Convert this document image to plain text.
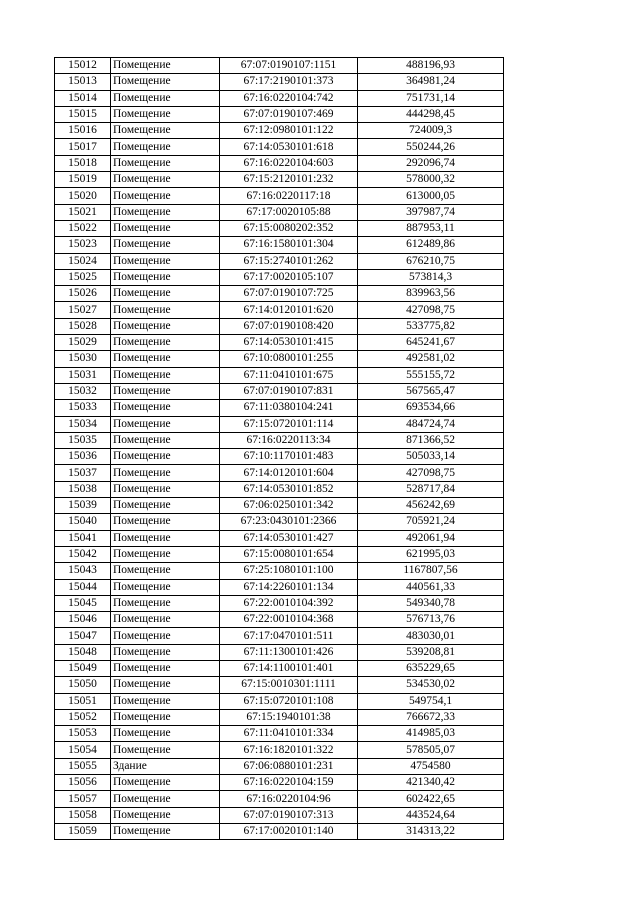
15012	Помещение	67:07:0190107:1151	488196,93
15013	Помещение	67:17:2190101:373	364981,24
15014	Помещение	67:16:0220104:742	751731,14
15015	Помещение	67:07:0190107:469	444298,45
15016	Помещение	67:12:0980101:122	724009,3
15017	Помещение	67:14:0530101:618	550244,26
15018	Помещение	67:16:0220104:603	292096,74
15019	Помещение	67:15:2120101:232	578000,32
15020	Помещение	67:16:0220117:18	613000,05
15021	Помещение	67:17:0020105:88	397987,74
15022	Помещение	67:15:0080202:352	887953,11
15023	Помещение	67:16:1580101:304	612489,86
15024	Помещение	67:15:2740101:262	676210,75
15025	Помещение	67:17:0020105:107	573814,3
15026	Помещение	67:07:0190107:725	839963,56
15027	Помещение	67:14:0120101:620	427098,75
15028	Помещение	67:07:0190108:420	533775,82
15029	Помещение	67:14:0530101:415	645241,67
15030	Помещение	67:10:0800101:255	492581,02
15031	Помещение	67:11:0410101:675	555155,72
15032	Помещение	67:07:0190107:831	567565,47
15033	Помещение	67:11:0380104:241	693534,66
15034	Помещение	67:15:0720101:114	484724,74
15035	Помещение	67:16:0220113:34	871366,52
15036	Помещение	67:10:1170101:483	505033,14
15037	Помещение	67:14:0120101:604	427098,75
15038	Помещение	67:14:0530101:852	528717,84
15039	Помещение	67:06:0250101:342	456242,69
15040	Помещение	67:23:0430101:2366	705921,24
15041	Помещение	67:14:0530101:427	492061,94
15042	Помещение	67:15:0080101:654	621995,03
15043	Помещение	67:25:1080101:100	1167807,56
15044	Помещение	67:14:2260101:134	440561,33
15045	Помещение	67:22:0010104:392	549340,78
15046	Помещение	67:22:0010104:368	576713,76
15047	Помещение	67:17:0470101:511	483030,01
15048	Помещение	67:11:1300101:426	539208,81
15049	Помещение	67:14:1100101:401	635229,65
15050	Помещение	67:15:0010301:1111	534530,02
15051	Помещение	67:15:0720101:108	549754,1
15052	Помещение	67:15:1940101:38	766672,33
15053	Помещение	67:11:0410101:334	414985,03
15054	Помещение	67:16:1820101:322	578505,07
15055	Здание	67:06:0880101:231	4754580
15056	Помещение	67:16:0220104:159	421340,42
15057	Помещение	67:16:0220104:96	602422,65
15058	Помещение	67:07:0190107:313	443524,64
15059	Помещение	67:17:0020101:140	314313,22
